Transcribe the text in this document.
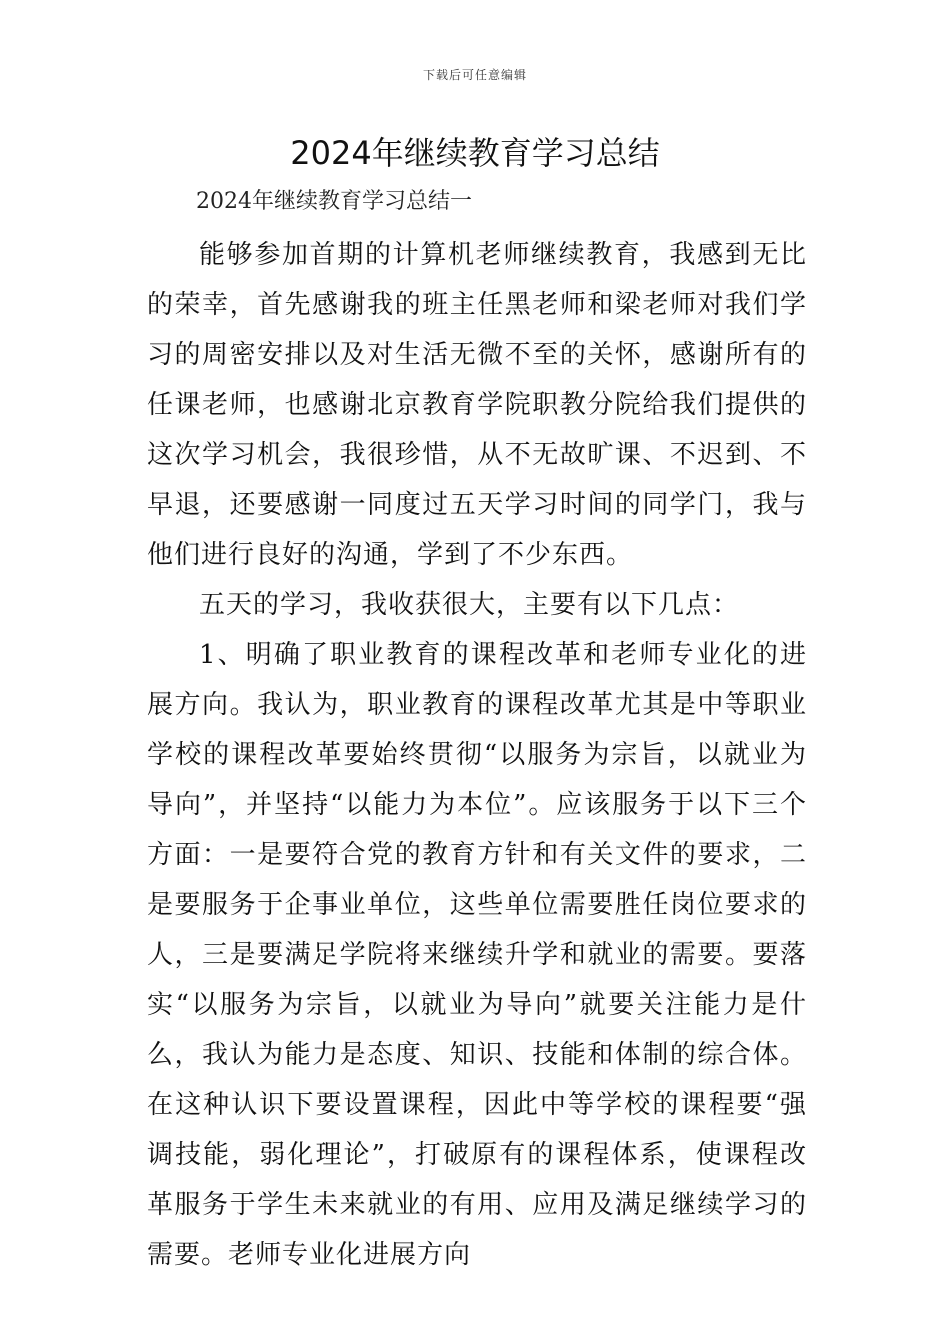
下载后可任意编辑
2024年继续教育学习总结
2024年继续教育学习总结一

能够参加首期的计算机老师继续教育，我感到无比的荣幸，首先感谢我的班主任黑老师和梁老师对我们学习的周密安排以及对生活无微不至的关怀，感谢所有的任课老师，也感谢北京教育学院职教分院给我们提供的这次学习机会，我很珍惜，从不无故旷课、不迟到、不早退，还要感谢一同度过五天学习时间的同学门，我与他们进行良好的沟通，学到了不少东西。

五天的学习，我收获很大，主要有以下几点：

1、明确了职业教育的课程改革和老师专业化的进展方向。我认为，职业教育的课程改革尤其是中等职业学校的课程改革要始终贯彻“以服务为宗旨，以就业为导向”，并坚持“以能力为本位”。应该服务于以下三个方面：一是要符合党的教育方针和有关文件的要求，二是要服务于企事业单位，这些单位需要胜任岗位要求的人，三是要满足学院将来继续升学和就业的需要。要落实“以服务为宗旨，以就业为导向”就要关注能力是什么，我认为能力是态度、知识、技能和体制的综合体。在这种认识下要设置课程，因此中等学校的课程要“强调技能，弱化理论”，打破原有的课程体系，使课程改革服务于学生未来就业的有用、应用及满足继续学习的需要。老师专业化进展方向
